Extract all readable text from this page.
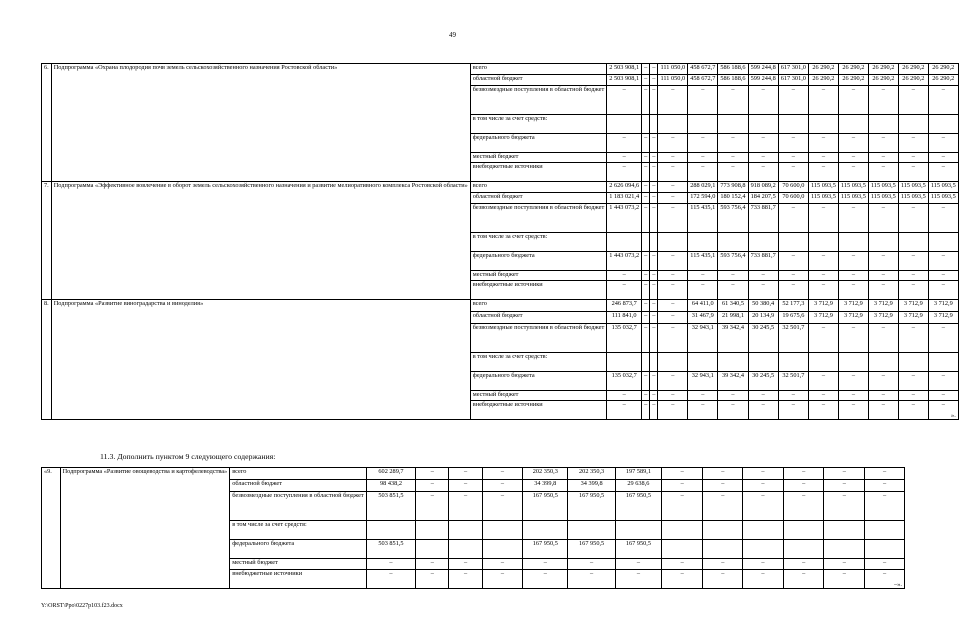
49
6.	Подпрограмма «Охрана плодородия почв земель сельскохозяйственного назначения Ростовской области»	всего	2 503 908,1	–	–	111 050,0	458 672,7	586 188,6	599 244,8	617 301,0	26 290,2	26 290,2	26 290,2	26 290,2	26 290,2
		областной бюджет	2 503 908,1	–	–	111 050,0	458 672,7	586 188,6	599 244,8	617 301,0	26 290,2	26 290,2	26 290,2	26 290,2	26 290,2
		безвозмездные поступления в областной бюджет	–	–	–	–	–	–	–	–	–	–	–	–	–
		в том числе за счет средств:													
		федерального бюджета	–	–	–	–	–	–	–	–	–	–	–	–	–
		местный бюджет	–	–	–	–	–	–	–	–	–	–	–	–	–
		внебюджетные источники	–	–	–	–	–	–	–	–	–	–	–	–	–
7.	Подпрограмма «Эффективное вовлечение в оборот земель сельскохозяйственного назначения и развитие мелиоративного комплекса Ростовской области»	всего	2 626 094,6	–	–	–	288 029,1	773 908,8	918 089,2	70 600,0	115 093,5	115 093,5	115 093,5	115 093,5	115 093,5
		областной бюджет	1 183 021,4	–	–	–	172 594,0	180 152,4	184 207,5	70 600,0	115 093,5	115 093,5	115 093,5	115 093,5	115 093,5
		безвозмездные поступления в областной бюджет	1 443 073,2	–	–	–	115 435,1	593 756,4	733 881,7	–	–	–	–	–	–
		в том числе за счет средств:													
		федерального бюджета	1 443 073,2	–	–	–	115 435,1	593 756,4	733 881,7	–	–	–	–	–	–
		местный бюджет	–	–	–	–	–	–	–	–	–	–	–	–	–
		внебюджетные источники	–	–	–	–	–	–	–	–	–	–	–	–	–
8.	Подпрограмма «Развитие виноградарства и виноделия»	всего	246 873,7	–	–	–	64 411,0	61 340,5	50 380,4	52 177,3	3 712,9	3 712,9	3 712,9	3 712,9	3 712,9
		областной бюджет	111 841,0	–	–	–	31 467,9	21 998,1	20 134,9	19 675,6	3 712,9	3 712,9	3 712,9	3 712,9	3 712,9
		безвозмездные поступления в областной бюджет	135 032,7	–	–	–	32 943,1	39 342,4	30 245,5	32 501,7	–	–	–	–	–
		в том числе за счет средств:													
		федерального бюджета	135 032,7	–	–	–	32 943,1	39 342,4	30 245,5	32 501,7	–	–	–	–	–
		местный бюджет	–	–	–	–	–	–	–	–	–	–	–	–	–
		внебюджетные источники	–	–	–	–	–	–	–	–	–	–	–	–	–
».
11.3. Дополнить пунктом 9 следующего содержания:
«9.	Подпрограмма «Развитие овощеводства и картофелеводства»	всего	602 289,7	–	–	–	202 350,3	202 350,3	197 589,1	–	–	–	–	–	–
		областной бюджет	98 438,2	–	–	–	34 399,8	34 399,8	29 638,6	–	–	–	–	–	–
		безвозмездные поступления в областной бюджет	503 851,5	–	–	–	167 950,5	167 950,5	167 950,5	–	–	–	–	–	–
		в том числе за счет средств:													
		федерального бюджета	503 851,5				167 950,5	167 950,5	167 950,5						
		местный бюджет	–	–	–	–	–	–	–	–	–	–	–	–	–
		внебюджетные источники	–	–	–	–	–	–	–	–	–	–	–	–	–
–».
Y:\ORST\Ppo\0227p103.f23.docx
